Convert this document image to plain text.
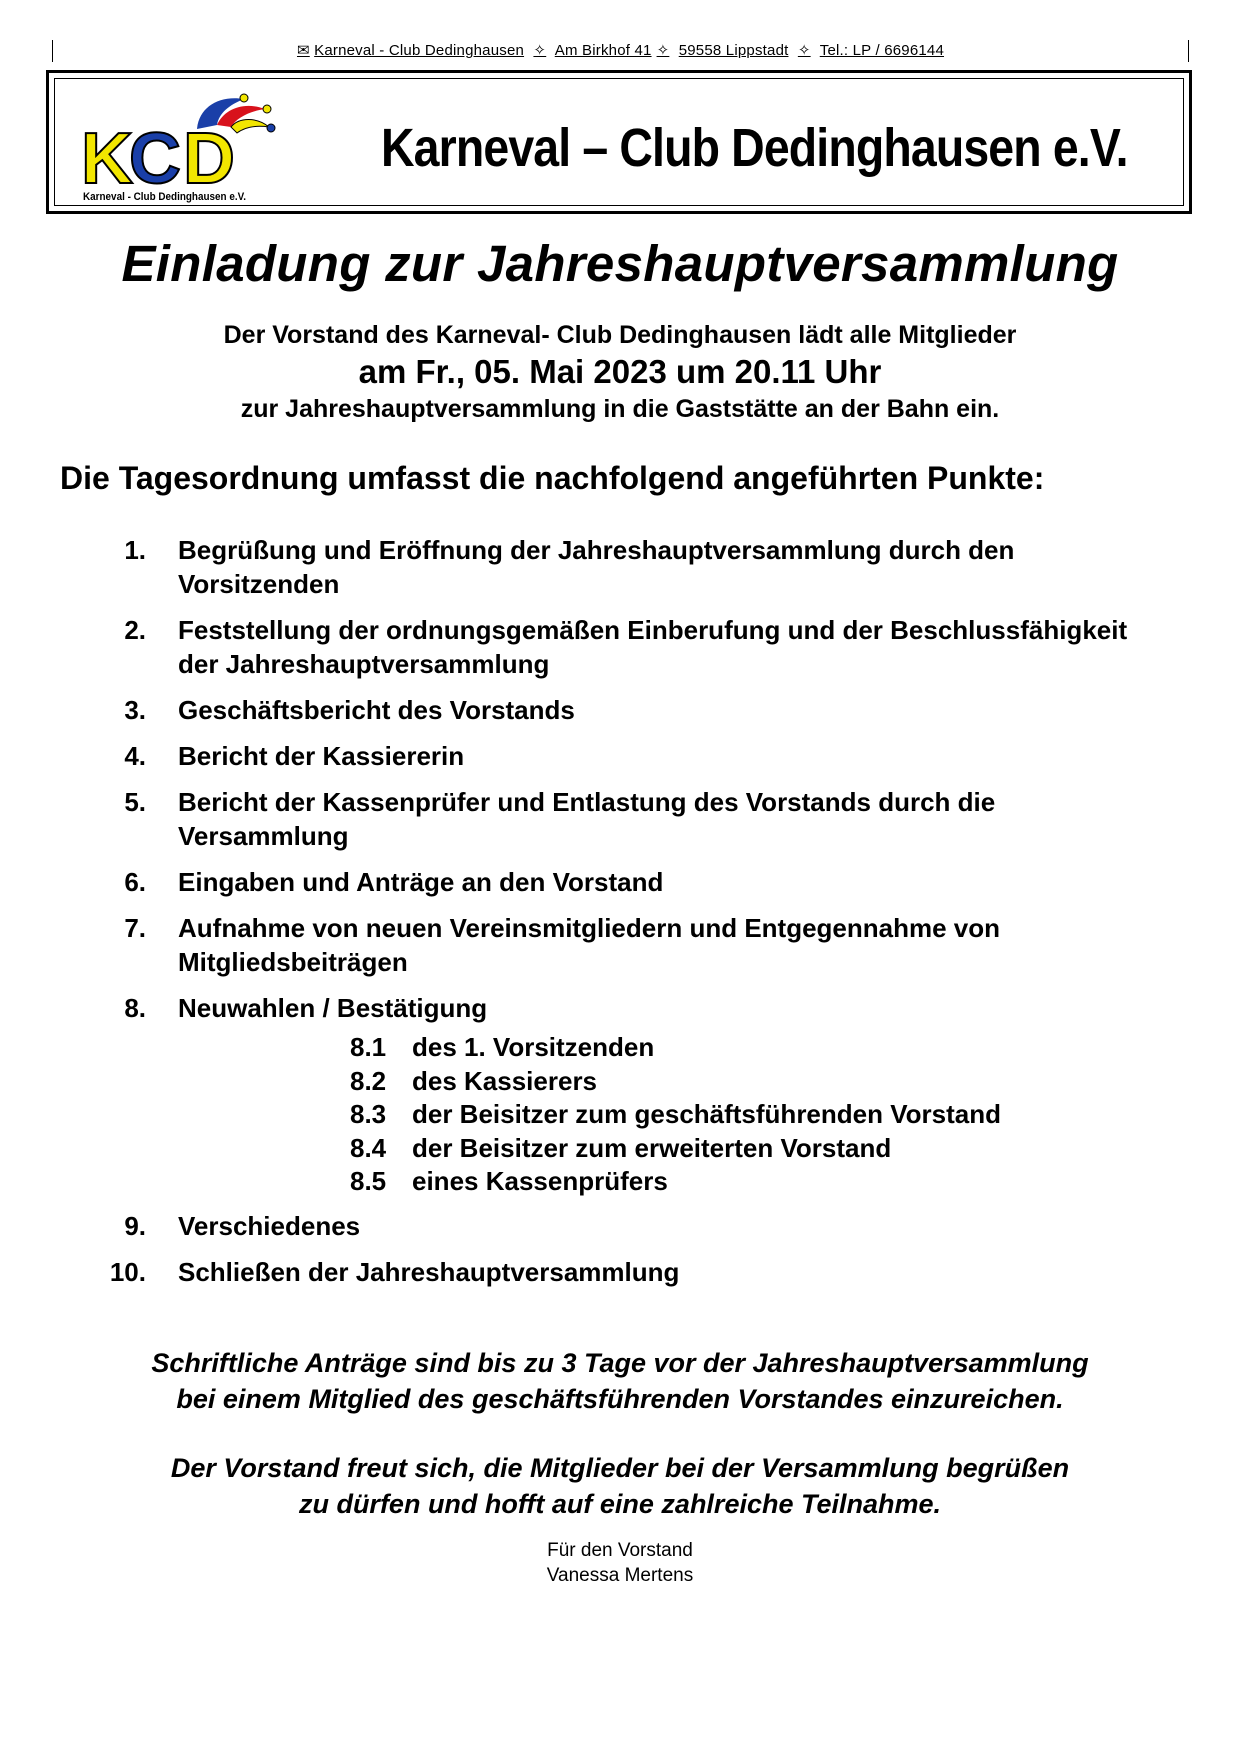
✉ Karneval - Club Dedinghausen ✧ Am Birkhof 41 ✧ 59558 Lippstadt ✧ Tel.: LP / 6696144
K
C D
Karneval - Club Dedinghausen e.V.
Karneval – Club Dedinghausen e.V.
Einladung zur Jahreshauptversammlung
Der Vorstand des Karneval- Club Dedinghausen lädt alle Mitglieder
am Fr., 05. Mai 2023 um 20.11 Uhr
zur Jahreshauptversammlung in die Gaststätte an der Bahn ein.
Die Tagesordnung umfasst die nachfolgend angeführten Punkte:
1. Begrüßung und Eröffnung der Jahreshauptversammlung durch den Vorsitzenden
2. Feststellung der ordnungsgemäßen Einberufung und der Beschlussfähigkeit der Jahreshauptversammlung
3. Geschäftsbericht des Vorstands
4. Bericht der Kassiererin
5. Bericht der Kassenprüfer und Entlastung des Vorstands durch die Versammlung
6. Eingaben und Anträge an den Vorstand
7. Aufnahme von neuen Vereinsmitgliedern und Entgegennahme von Mitgliedsbeiträgen
8. Neuwahlen / Bestätigung
8.1 des 1. Vorsitzenden
8.2 des Kassierers
8.3 der Beisitzer zum geschäftsführenden Vorstand
8.4 der Beisitzer zum erweiterten Vorstand
8.5 eines Kassenprüfers
9. Verschiedenes
10. Schließen der Jahreshauptversammlung
Schriftliche Anträge sind bis zu 3 Tage vor der Jahreshauptversammlung
bei einem Mitglied des geschäftsführenden Vorstandes einzureichen.
Der Vorstand freut sich, die Mitglieder bei der Versammlung begrüßen
zu dürfen und hofft auf eine zahlreiche Teilnahme.
Für den Vorstand
Vanessa Mertens
